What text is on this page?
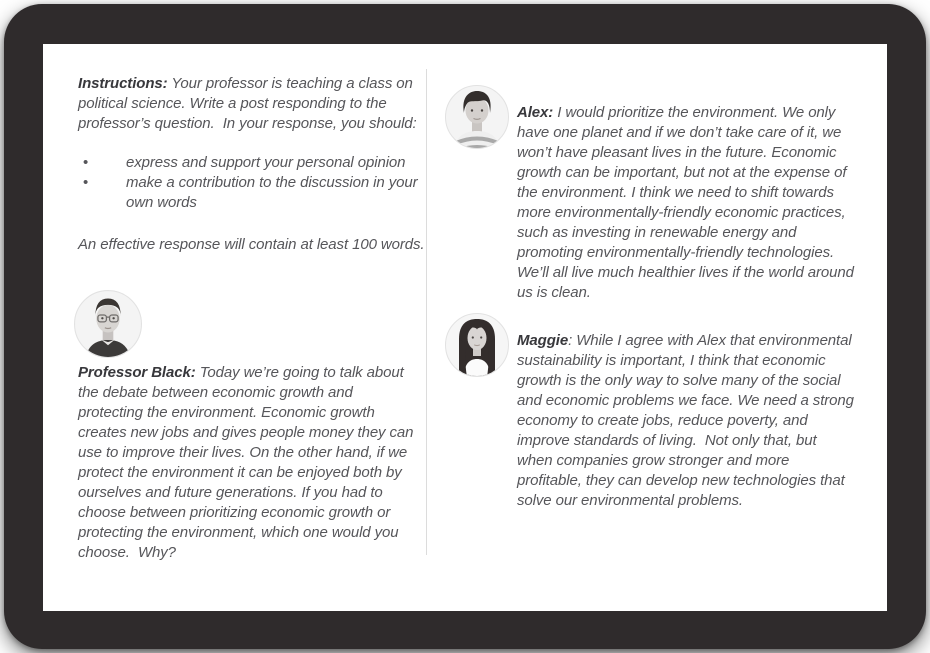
Instructions: Your professor is teaching a class on political science. Write a post responding to the professor’s question.  In your response, you should:

•	express and support your personal opinion
•	make a contribution to the discussion in your own words

An effective response will contain at least 100 words.

Professor Black: Today we’re going to talk about the debate between economic growth and protecting the environment. Economic growth creates new jobs and gives people money they can use to improve their lives. On the other hand, if we protect the environment it can be enjoyed both by ourselves and future generations. If you had to choose between prioritizing economic growth or protecting the environment, which one would you choose.  Why?

Alex: I would prioritize the environment. We only have one planet and if we don’t take care of it, we won’t have pleasant lives in the future. Economic growth can be important, but not at the expense of the environment. I think we need to shift towards more environmentally-friendly economic practices, such as investing in renewable energy and promoting environmentally-friendly technologies. We’ll all live much healthier lives if the world around us is clean.

Maggie: While I agree with Alex that environmental sustainability is important, I think that economic growth is the only way to solve many of the social and economic problems we face. We need a strong economy to create jobs, reduce poverty, and improve standards of living.  Not only that, but when companies grow stronger and more profitable, they can develop new technologies that solve our environmental problems.
